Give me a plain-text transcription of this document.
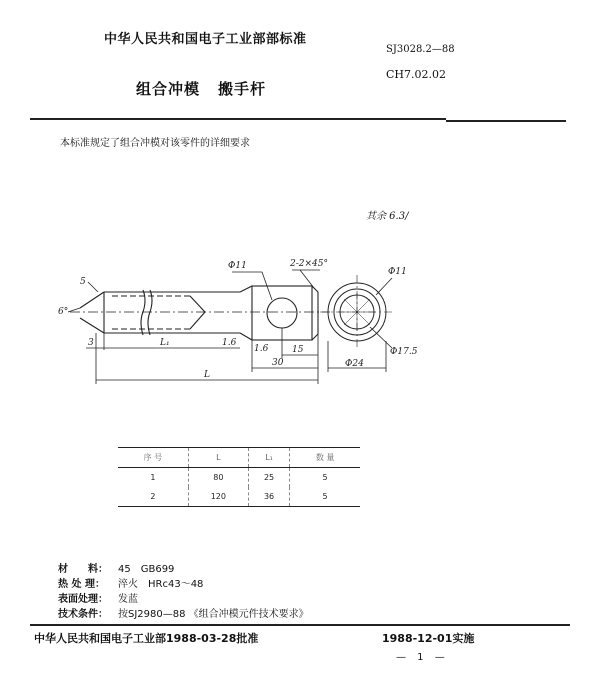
中华人民共和国电子工业部部标准
SJ3028.2—88
组合冲模 搬手杆
CH7.02.02
本标准规定了组合冲模对该零件的详细要求
其余 6.3/
Φ11	2-2×45°
Φ11
Φ17.5
Φ24
L₁
L
3
15
30
6°
5
1.6
1.6
序 号	L	L₁	数 量
1	80	25	5
2	120	36	5
材　　料： 45　GB699
热 处 理： 淬火　HRc43～48
表面处理： 发蓝
技术条件： 按SJ2980—88 《组合冲模元件技术要求》
中华人民共和国电子工业部1988-03-28批准	1988-12-01实施
— 1 —
